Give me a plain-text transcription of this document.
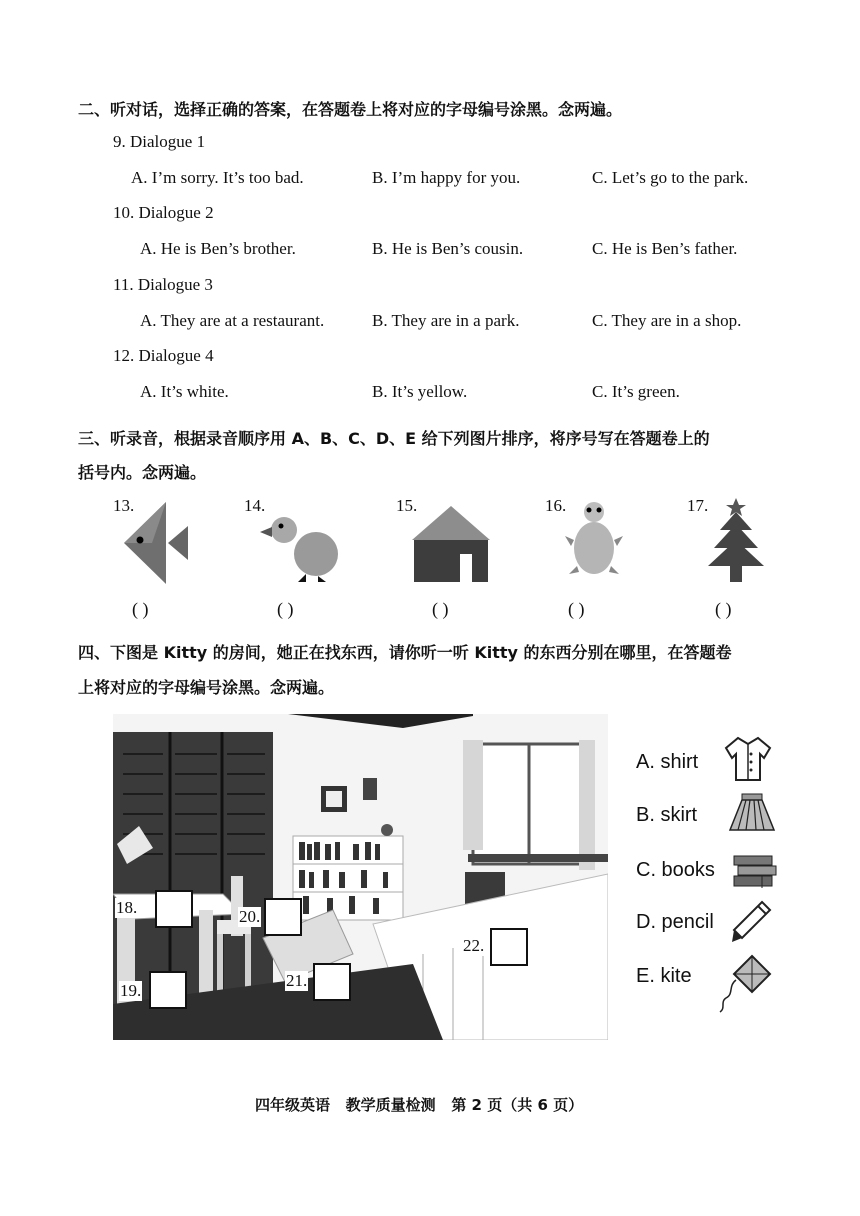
二、听对话，选择正确的答案，在答题卷上将对应的字母编号涂黑。念两遍。
9. Dialogue 1
A. I’m sorry. It’s too bad.	B. I’m happy for you.	C. Let’s go to the park.
10. Dialogue 2
A. He is Ben’s brother.	B. He is Ben’s cousin.	C. He is Ben’s father.
11. Dialogue 3
A. They are at a restaurant.	B. They are in a park.	C. They are in a shop.
12. Dialogue 4
A. It’s white.	B. It’s yellow.	C. It’s green.
三、听录音，根据录音顺序用 A、B、C、D、E 给下列图片排序，将序号写在答题卷上的
括号内。念两遍。
13.	14.	15.	16.	17.
( )	( )	( )	( )	( )
四、下图是 Kitty 的房间，她正在找东西，请你听一听 Kitty 的东西分别在哪里，在答题卷
上将对应的字母编号涂黑。念两遍。
18.
19.
20.
21.
22.
A. shirt
B. skirt
C. books
D. pencil
E. kite
四年级英语   教学质量检测   第 2 页（共 6 页）
